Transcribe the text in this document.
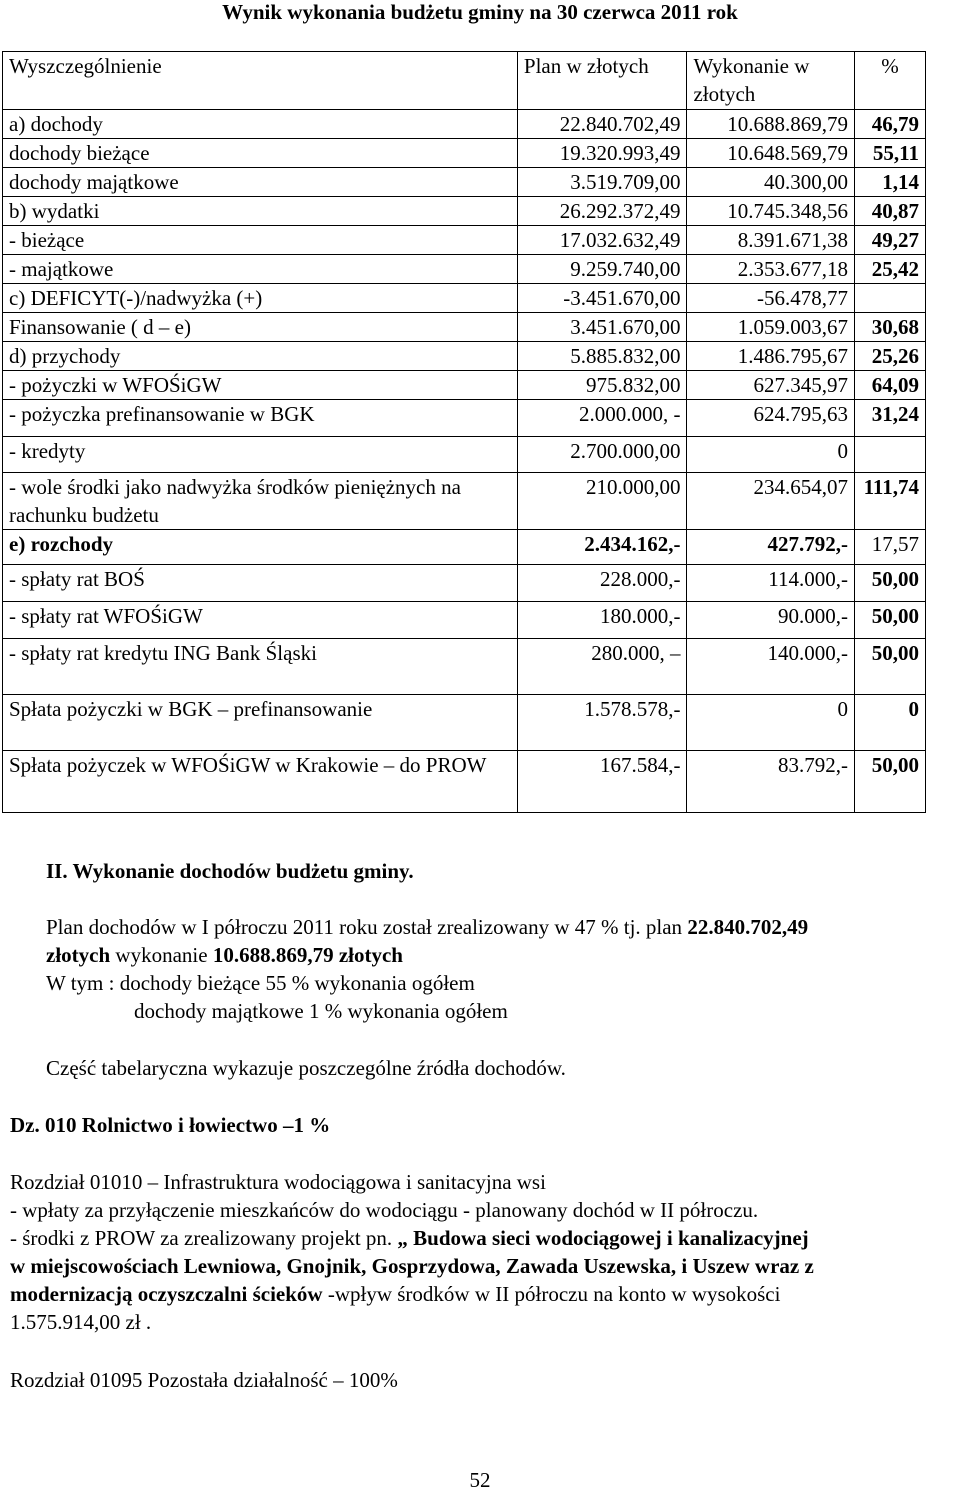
Wynik wykonania budżetu gminy na 30 czerwca 2011 rok
Wyszczególnienie	Plan w złotych	Wykonanie w złotych	%
a) dochody	22.840.702,49	10.688.869,79	46,79
dochody bieżące	19.320.993,49	10.648.569,79	55,11
dochody majątkowe	3.519.709,00	40.300,00	1,14
b) wydatki	26.292.372,49	10.745.348,56	40,87
- bieżące	17.032.632,49	8.391.671,38	49,27
- majątkowe	9.259.740,00	2.353.677,18	25,42
c) DEFICYT(-)/nadwyżka (+)	-3.451.670,00	-56.478,77	
Finansowanie ( d – e)	3.451.670,00	1.059.003,67	30,68
d) przychody	5.885.832,00	1.486.795,67	25,26
- pożyczki w WFOŚiGW	975.832,00	627.345,97	64,09
- pożyczka prefinansowanie w BGK	2.000.000, -	624.795,63	31,24
- kredyty	2.700.000,00	0	
- wole środki jako nadwyżka środków pieniężnych na rachunku budżetu	210.000,00	234.654,07	111,74
e) rozchody	2.434.162,-	427.792,-	17,57
- spłaty rat BOŚ	228.000,-	114.000,-	50,00
- spłaty rat WFOŚiGW	180.000,-	90.000,-	50,00
- spłaty rat kredytu ING Bank Śląski	280.000, –	140.000,-	50,00
Spłata pożyczki w BGK – prefinansowanie	1.578.578,-	0	0
Spłata pożyczek w WFOŚiGW w Krakowie – do PROW	167.584,-	83.792,-	50,00
II. Wykonanie dochodów budżetu gminy.
Plan dochodów w I półroczu 2011 roku został zrealizowany w 47 % tj. plan 22.840.702,49
złotych wykonanie 10.688.869,79 złotych
W tym : dochody bieżące 55 % wykonania ogółem
dochody majątkowe 1 % wykonania ogółem
Część tabelaryczna wykazuje poszczególne źródła dochodów.
Dz. 010 Rolnictwo i łowiectwo –1 %
Rozdział 01010 – Infrastruktura wodociągowa i sanitacyjna wsi
- wpłaty za przyłączenie mieszkańców do wodociągu - planowany dochód w II półroczu.
- środki z PROW za zrealizowany projekt pn. „ Budowa sieci wodociągowej i kanalizacyjnej
w miejscowościach Lewniowa, Gnojnik, Gosprzydowa, Zawada Uszewska, i Uszew wraz z
modernizacją oczyszczalni ścieków -wpływ środków w II półroczu na konto w wysokości
1.575.914,00 zł .
Rozdział 01095 Pozostała działalność – 100%
52
